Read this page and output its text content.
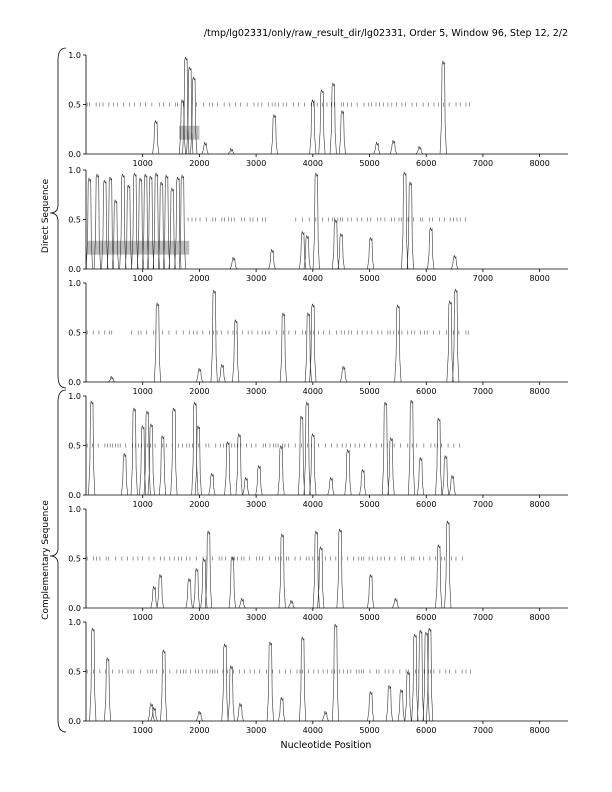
/tmp/lg02331/only/raw_result_dir/lg02331, Order 5, Window 96, Step 12, 2/2
Direct Sequence
Complementary Sequence
0.0
0.5
1.0
1000	2000	3000	4000	5000	6000	7000	8000
0.0
0.5
1.0
1000	2000	3000	4000	5000	6000	7000	8000
0.0
0.5
1.0
1000	2000	3000	4000	5000	6000	7000	8000
0.0
0.5
1.0
1000	2000	3000	4000	5000	6000	7000	8000
0.0
0.5
1.0
1000	2000	3000	4000	5000	6000	7000	8000
0.0
0.5
1.0
1000	2000	3000	4000	5000	6000	7000	8000
Nucleotide Position
